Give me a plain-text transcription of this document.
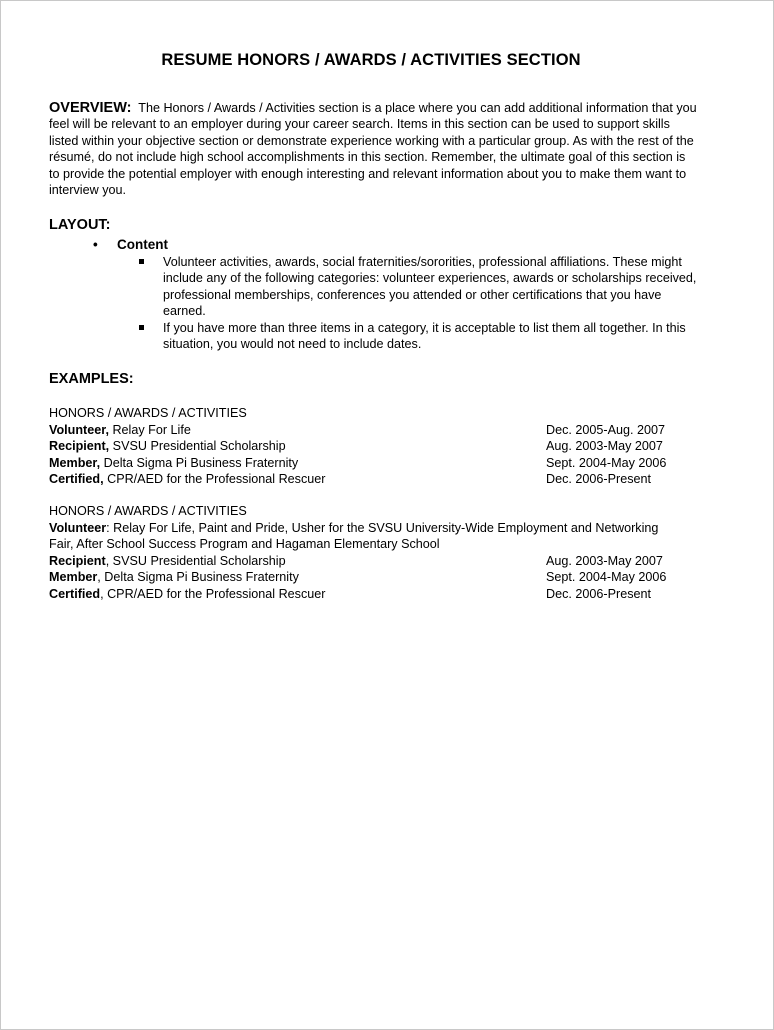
RESUME HONORS / AWARDS / ACTIVITIES SECTION
OVERVIEW: The Honors / Awards / Activities section is a place where you can add additional information that you feel will be relevant to an employer during your career search. Items in this section can be used to support skills listed within your objective section or demonstrate experience working with a particular group. As with the rest of the résumé, do not include high school accomplishments in this section. Remember, the ultimate goal of this section is to provide the potential employer with enough interesting and relevant information about you to make them want to interview you.
LAYOUT:
• Content
Volunteer activities, awards, social fraternities/sororities, professional affiliations. These might include any of the following categories: volunteer experiences, awards or scholarships received, professional memberships, conferences you attended or other certifications that you have earned.
If you have more than three items in a category, it is acceptable to list them all together. In this situation, you would not need to include dates.
EXAMPLES:
HONORS / AWARDS / ACTIVITIES
Volunteer, Relay For Life	Dec. 2005-Aug. 2007
Recipient, SVSU Presidential Scholarship	Aug. 2003-May 2007
Member, Delta Sigma Pi Business Fraternity	Sept. 2004-May 2006
Certified, CPR/AED for the Professional Rescuer	Dec. 2006-Present
HONORS / AWARDS / ACTIVITIES
Volunteer: Relay For Life, Paint and Pride, Usher for the SVSU University-Wide Employment and Networking Fair, After School Success Program and Hagaman Elementary School
Recipient, SVSU Presidential Scholarship	Aug. 2003-May 2007
Member, Delta Sigma Pi Business Fraternity	Sept. 2004-May 2006
Certified, CPR/AED for the Professional Rescuer	Dec. 2006-Present
